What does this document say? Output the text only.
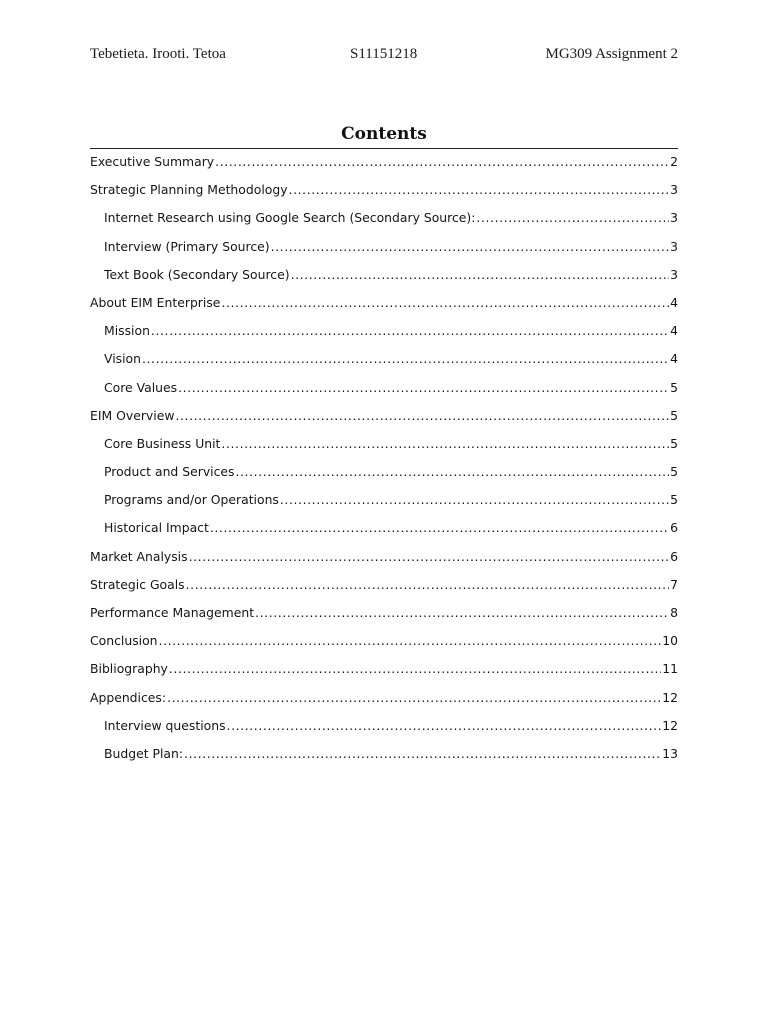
Tebetieta. Irooti. Tetoa	S11151218	MG309 Assignment 2
Contents
Executive Summary .....	2
Strategic Planning Methodology .....	3
Internet Research using Google Search (Secondary Source): .....	3
Interview (Primary Source) .....	3
Text Book (Secondary Source) .....	3
About EIM Enterprise .....	4
Mission .....	4
Vision .....	4
Core Values .....	5
EIM Overview .....	5
Core Business Unit .....	5
Product and Services .....	5
Programs and/or Operations .....	5
Historical Impact .....	6
Market Analysis .....	6
Strategic Goals .....	7
Performance Management .....	8
Conclusion .....	10
Bibliography .....	11
Appendices: .....	12
Interview questions .....	12
Budget Plan: .....	13
